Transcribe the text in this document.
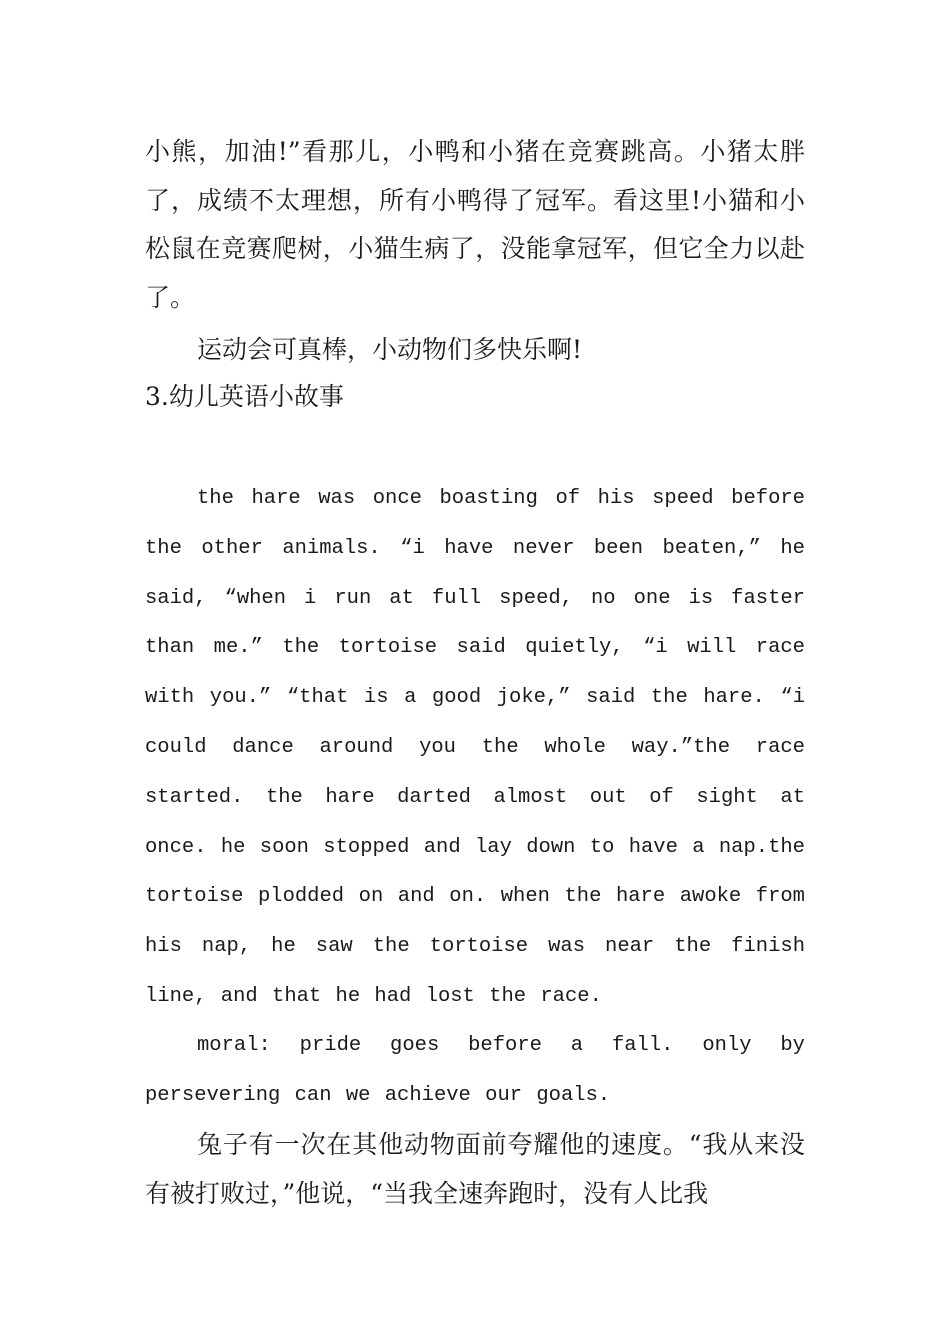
小熊，加油!”看那儿，小鸭和小猪在竞赛跳高。小猪太胖了，成绩不太理想，所有小鸭得了冠军。看这里!小猫和小松鼠在竞赛爬树，小猫生病了，没能拿冠军，但它全力以赴了。

运动会可真棒，小动物们多快乐啊!

3.幼儿英语小故事

the hare was once boasting of his speed before the other animals. “i have never been beaten,” he said, “when i run at full speed, no one is faster than me.” the tortoise said quietly, “i will race with you.” “that is a good joke,” said the hare. “i could dance around you the whole way.”the race started. the hare darted almost out of sight at once. he soon stopped and lay down to have a nap.the tortoise plodded on and on. when the hare awoke from his nap, he saw the tortoise was near the finish line, and that he had lost the race.

moral: pride goes before a fall. only by persevering can we achieve our goals.

兔子有一次在其他动物面前夸耀他的速度。“我从来没有被打败过，”他说，“当我全速奔跑时，没有人比我
